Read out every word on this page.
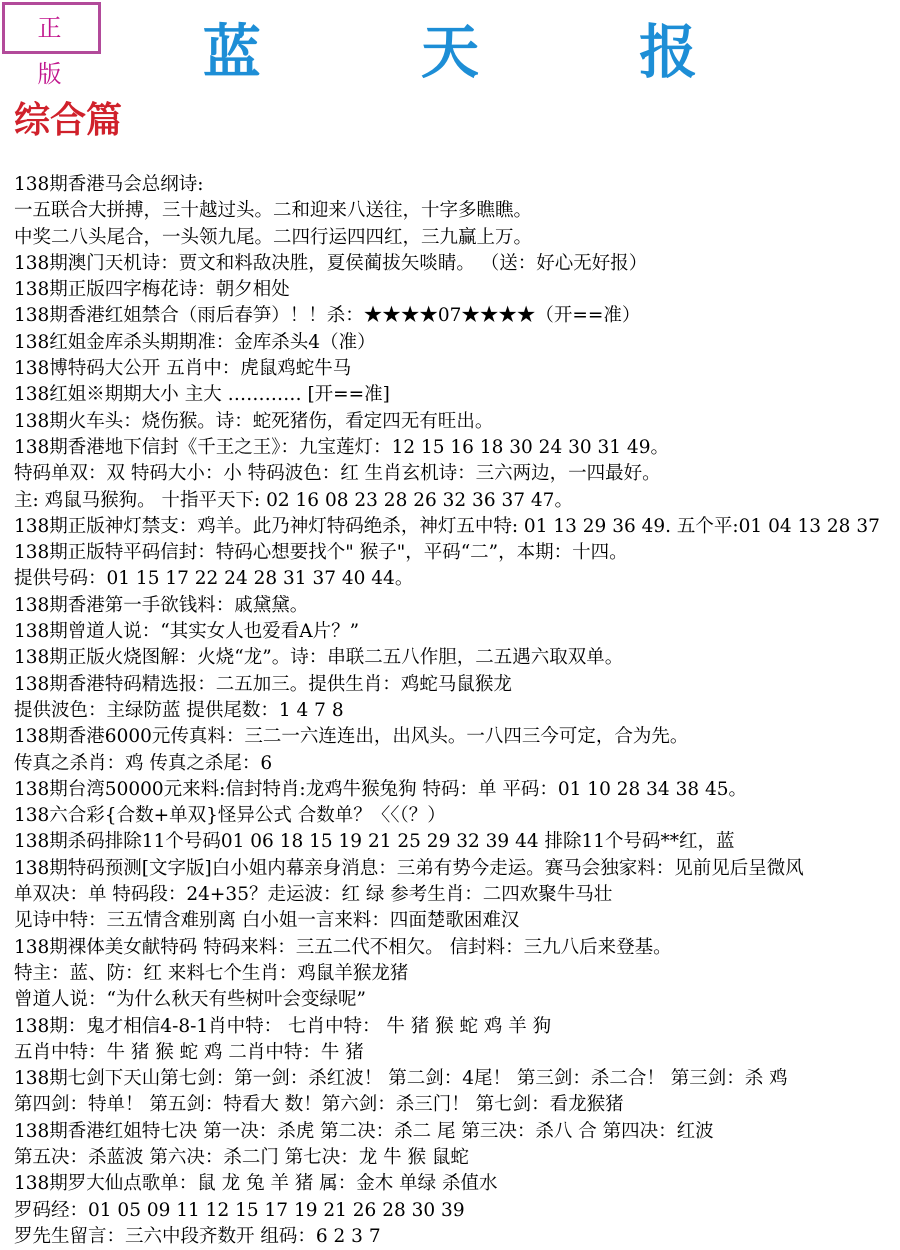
正 版	蓝 天 报
综合篇
138期香港马会总纲诗:
一五联合大拼搏，三十越过头。二和迎来八送往，十字多瞧瞧。
中奖二八头尾合，一头领九尾。二四行运四四红，三九赢上万。
138期澳门天机诗：贾文和料敌决胜，夏侯蔺拔矢啖睛。 （送：好心无好报）
138期正版四字梅花诗：朝夕相处
138期香港红姐禁合（雨后春笋）！！杀：★★★★07★★★★（开==准）
138红姐金库杀头期期准：金库杀头4（准）
138博特码大公开 五肖中：虎鼠鸡蛇牛马
138红姐※期期大小 主大 ………… [开==准]
138期火车头：烧伤猴。诗：蛇死猪伤，看定四无有旺出。
138期香港地下信封《千王之王》：九宝莲灯：12 15 16 18 30 24 30 31 49。
特码单双：双 特码大小：小 特码波色：红 生肖玄机诗：三六两边，一四最好。
主: 鸡鼠马猴狗。 十指平天下: 02 16 08 23 28 26 32 36 37 47。
138期正版神灯禁支：鸡羊。此乃神灯特码绝杀，神灯五中特: 01 13 29 36 49. 五个平:01 04 13 28 37
138期正版特平码信封：特码心想要找个" 猴子"，平码“二”，本期：十四。
提供号码：01 15 17 22 24 28 31 37 40 44。
138期香港第一手欲钱料：戚黛黛。
138期曾道人说：“其实女人也爱看A片？”
138期正版火烧图解：火烧“龙”。诗：串联二五八作胆，二五遇六取双单。
138期香港特码精选报：二五加三。提供生肖：鸡蛇马鼠猴龙
提供波色：主绿防蓝 提供尾数：1 4 7 8
138期香港6000元传真料：三二一六连连出，出风头。一八四三今可定，合为先。
传真之杀肖：鸡 传真之杀尾：6
138期台湾50000元来料:信封特肖:龙鸡牛猴兔狗 特码：单 平码：01 10 28 34 38 45。
138六合彩{合数+单双}怪异公式 合数单？〈〈（？）
138期杀码排除11个号码01 06 18 15 19 21 25 29 32 39 44 排除11个号码**红，蓝
138期特码预测[文字版]白小姐内幕亲身消息：三弟有势今走运。赛马会独家料：见前见后呈微风
单双决：单 特码段：24+35？走运波：红 绿 参考生肖：二四欢聚牛马壮
见诗中特：三五情含难别离 白小姐一言来料：四面楚歌困难汉
138期裸体美女献特码 特码来料：三五二代不相欠。 信封料：三九八后来登基。
特主：蓝、防：红 来料七个生肖：鸡鼠羊猴龙猪
曾道人说：“为什么秋天有些树叶会变绿呢”
138期：鬼才相信4-8-1肖中特： 七肖中特： 牛 猪 猴 蛇 鸡 羊 狗
五肖中特：牛 猪 猴 蛇 鸡 二肖中特：牛 猪
138期七剑下天山第七剑：第一剑：杀红波！ 第二剑：4尾！ 第三剑：杀二合！ 第三剑：杀 鸡
第四剑：特单！ 第五剑：特看大 数！第六剑：杀三门！ 第七剑：看龙猴猪
138期香港红姐特七决 第一决：杀虎 第二决：杀二 尾 第三决：杀八 合 第四决：红波
第五决：杀蓝波 第六决：杀二门 第七决：龙 牛 猴 鼠蛇
138期罗大仙点歌单：鼠 龙 兔 羊 猪 属：金木 单绿 杀值水
罗码经：01 05 09 11 12 15 17 19 21 26 28 30 39
罗先生留言：三六中段齐数开 组码：6 2 3 7
